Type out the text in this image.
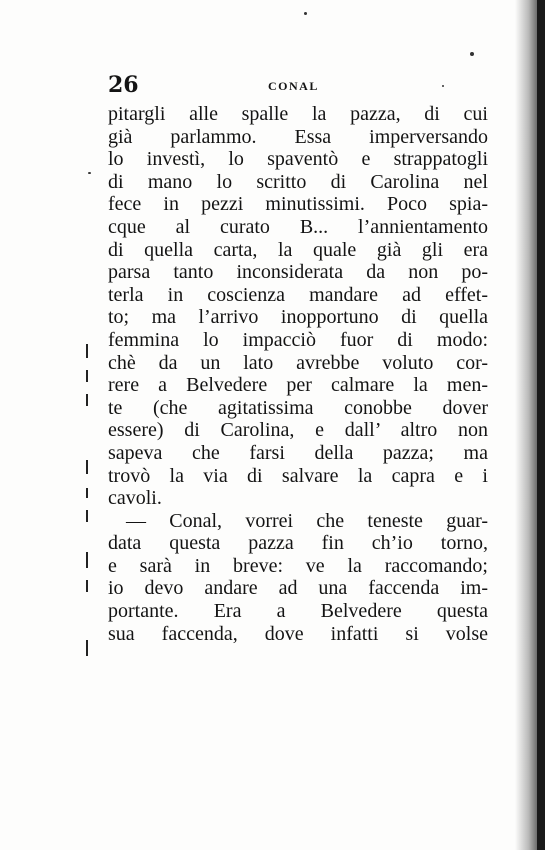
26	CONAL
pitargli alle spalle la pazza, di cui
già parlammo. Essa imperversando
lo investì, lo spaventò e strappatogli
di mano lo scritto di Carolina nel
fece in pezzi minutissimi. Poco spia-
cque al curato B... l’annientamento
di quella carta, la quale già gli era
parsa tanto inconsiderata da non po-
terla in coscienza mandare ad effet-
to; ma l’arrivo inopportuno di quella
femmina lo impacciò fuor di modo:
chè da un lato avrebbe voluto cor-
rere a Belvedere per calmare la men-
te (che agitatissima conobbe dover
essere) di Carolina, e dall’ altro non
sapeva che farsi della pazza; ma
trovò la via di salvare la capra e i
cavoli.
— Conal, vorrei che teneste guar-
data questa pazza fin ch’io torno,
e sarà in breve: ve la raccomando;
io devo andare ad una faccenda im-
portante. Era a Belvedere questa
sua faccenda, dove infatti si volse
